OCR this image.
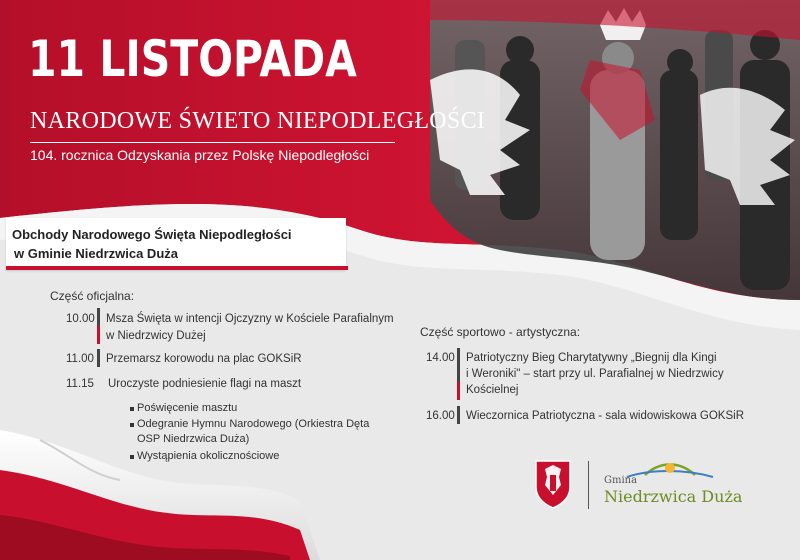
11 LISTOPADA
NARODOWE ŚWIETO NIEPODLEGŁOŚCI
104. rocznica Odzyskania przez Polskę Niepodległości
Obchody Narodowego Święta Niepodległości
w Gminie Niedrzwica Duża
Część oficjalna:
10.00 Msza Święta w intencji Ojczyzny w Kościele Parafialnym
w Niedrzwicy Dużej
11.00 Przemarsz korowodu na plac GOKSiR
11.15 Uroczyste podniesienie flagi na maszt
Poświęcenie masztu
Odegranie Hymnu Narodowego (Orkiestra Dęta
OSP Niedrzwica Duża)
Wystąpienia okolicznościowe
Część sportowo - artystyczna:
14.00 Patriotyczny Bieg Charytatywny „Biegnij dla Kingi
i Weroniki" – start przy ul. Parafialnej w Niedrzwicy
Kościelnej
16.00 Wieczornica Patriotyczna - sala widowiskowa GOKSiR
Gmina
Niedrzwica Duża
